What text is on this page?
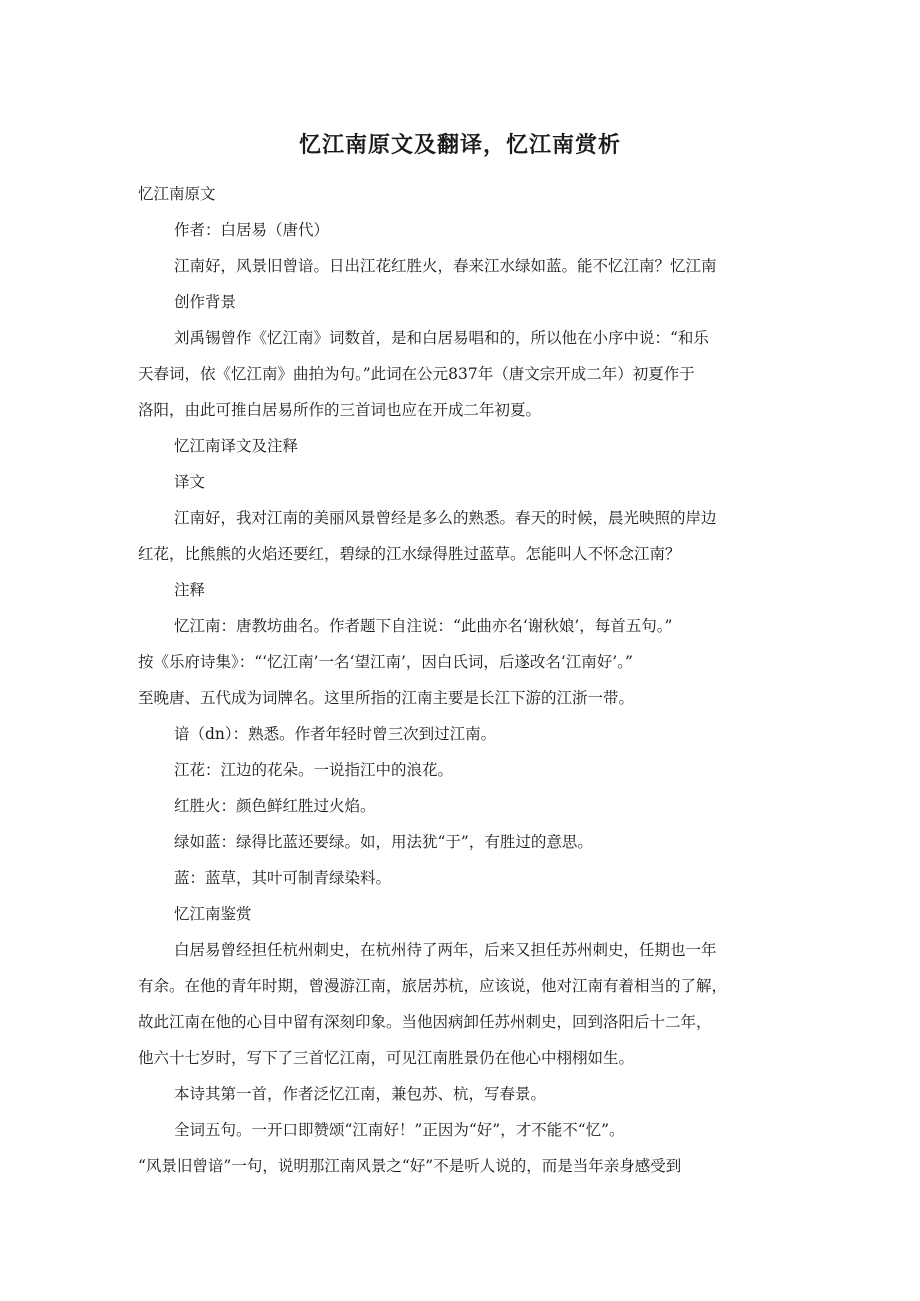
忆江南原文及翻译，忆江南赏析
忆江南原文
作者：白居易（唐代）
江南好，风景旧曾谙。日出江花红胜火，春来江水绿如蓝。能不忆江南？忆江南
创作背景
刘禹锡曾作《忆江南》词数首，是和白居易唱和的，所以他在小序中说：“和乐
天春词，依《忆江南》曲拍为句。”此词在公元837年（唐文宗开成二年）初夏作于
洛阳，由此可推白居易所作的三首词也应在开成二年初夏。
忆江南译文及注释
译文
江南好，我对江南的美丽风景曾经是多么的熟悉。春天的时候，晨光映照的岸边
红花，比熊熊的火焰还要红，碧绿的江水绿得胜过蓝草。怎能叫人不怀念江南？
注释
忆江南：唐教坊曲名。作者题下自注说：“此曲亦名‘谢秋娘’，每首五句。”
按《乐府诗集》：“‘忆江南’一名‘望江南’，因白氏词，后遂改名‘江南好’。”
至晚唐、五代成为词牌名。这里所指的江南主要是长江下游的江浙一带。
谙（dn）：熟悉。作者年轻时曾三次到过江南。
江花：江边的花朵。一说指江中的浪花。
红胜火：颜色鲜红胜过火焰。
绿如蓝：绿得比蓝还要绿。如，用法犹“于”，有胜过的意思。
蓝：蓝草，其叶可制青绿染料。
忆江南鉴赏
白居易曾经担任杭州刺史，在杭州待了两年，后来又担任苏州刺史，任期也一年
有余。在他的青年时期，曾漫游江南，旅居苏杭，应该说，他对江南有着相当的了解，
故此江南在他的心目中留有深刻印象。当他因病卸任苏州刺史，回到洛阳后十二年，
他六十七岁时，写下了三首忆江南，可见江南胜景仍在他心中栩栩如生。
本诗其第一首，作者泛忆江南，兼包苏、杭，写春景。
全词五句。一开口即赞颂“江南好！”正因为“好”，才不能不“忆”。
“风景旧曾谙”一句，说明那江南风景之“好”不是听人说的，而是当年亲身感受到
